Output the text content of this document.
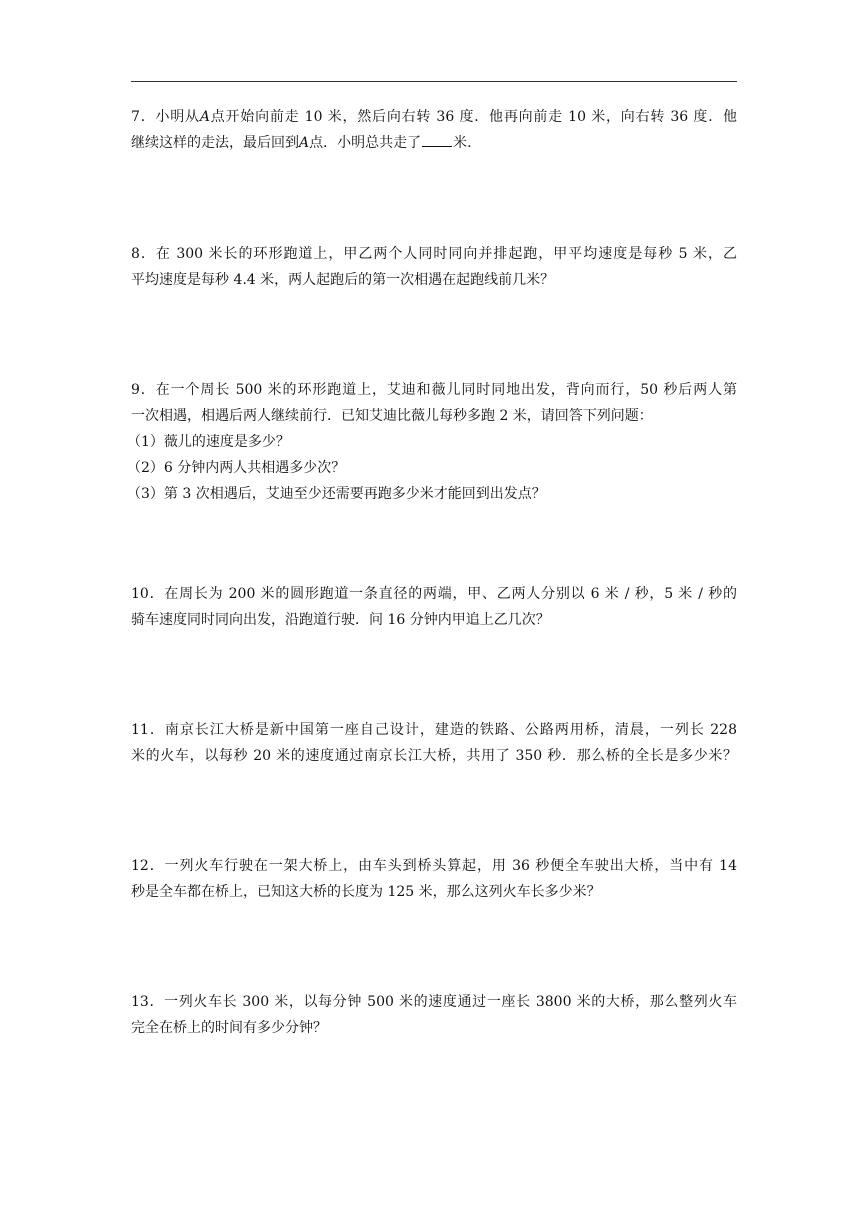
7．小明从A点开始向前走 10 米，然后向右转 36 度．他再向前走 10 米，向右转 36 度．他
继续这样的走法，最后回到A点．小明总共走了 米.
8．在 300 米长的环形跑道上，甲乙两个人同时同向并排起跑，甲平均速度是每秒 5 米，乙
平均速度是每秒 4.4 米，两人起跑后的第一次相遇在起跑线前几米？
9．在一个周长 500 米的环形跑道上，艾迪和薇儿同时同地出发，背向而行，50 秒后两人第
一次相遇，相遇后两人继续前行．已知艾迪比薇儿每秒多跑 2 米，请回答下列问题：
（1）薇儿的速度是多少？
（2）6 分钟内两人共相遇多少次？
（3）第 3 次相遇后，艾迪至少还需要再跑多少米才能回到出发点？
10．在周长为 200 米的圆形跑道一条直径的两端，甲、乙两人分别以 6 米 / 秒，5 米 / 秒的
骑车速度同时同向出发，沿跑道行驶．问 16 分钟内甲追上乙几次？
11．南京长江大桥是新中国第一座自己设计，建造的铁路、公路两用桥，清晨，一列长 228
米的火车，以每秒 20 米的速度通过南京长江大桥，共用了 350 秒．那么桥的全长是多少米？
12．一列火车行驶在一架大桥上，由车头到桥头算起，用 36 秒便全车驶出大桥，当中有 14
秒是全车都在桥上，已知这大桥的长度为 125 米，那么这列火车长多少米？
13．一列火车长 300 米，以每分钟 500 米的速度通过一座长 3800 米的大桥，那么整列火车
完全在桥上的时间有多少分钟？
